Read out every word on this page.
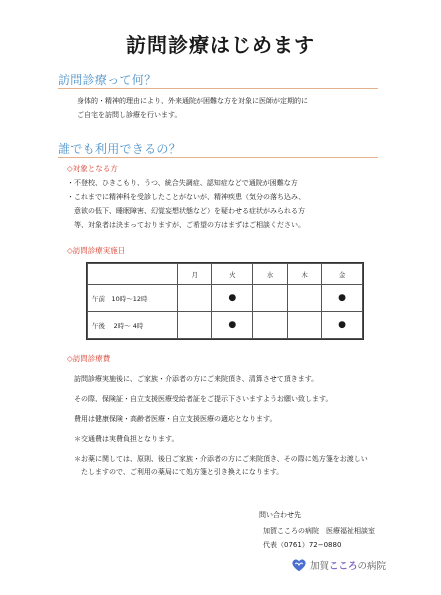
訪問診療はじめます
訪問診療って何？
身体的・精神的理由により、外来通院が困難な方を対象に医師が定期的に
ご自宅を訪問し診療を行います。
誰でも利用できるの？
◇対象となる方
・不登校、ひきこもり、うつ、統合失調症、認知症などで通院が困難な方
・これまでに精神科を受診したことがないが、精神疾患（気分の落ち込み、
　意欲の低下、睡眠障害、幻覚妄想状態など）を疑わせる症状がみられる方
　等、対象者は決まっておりますが、ご希望の方はまずはご相談ください。
◇訪問診療実施日
	月	火	水	木	金
午前　10時〜12時		●			●
午後　 2時〜 4時		●			●
◇訪問診療費
訪問診療実施後に、ご家族・介添者の方にご来院頂き、清算させて頂きます。
その際、保険証・自立支援医療受給者証をご提示下さいますようお願い致します。
費用は健康保険・高齢者医療・自立支援医療の適応となります。
＊交通費は実費負担となります。
＊お薬に関しては、原則、後日ご家族・介添者の方にご来院頂き、その際に処方箋をお渡しい
　たしますので、ご利用の薬局にて処方箋と引き換えになります。
問い合わせ先
加賀こころの病院　医療福祉相談室
代表（0761）72−0880
加賀こころの病院
